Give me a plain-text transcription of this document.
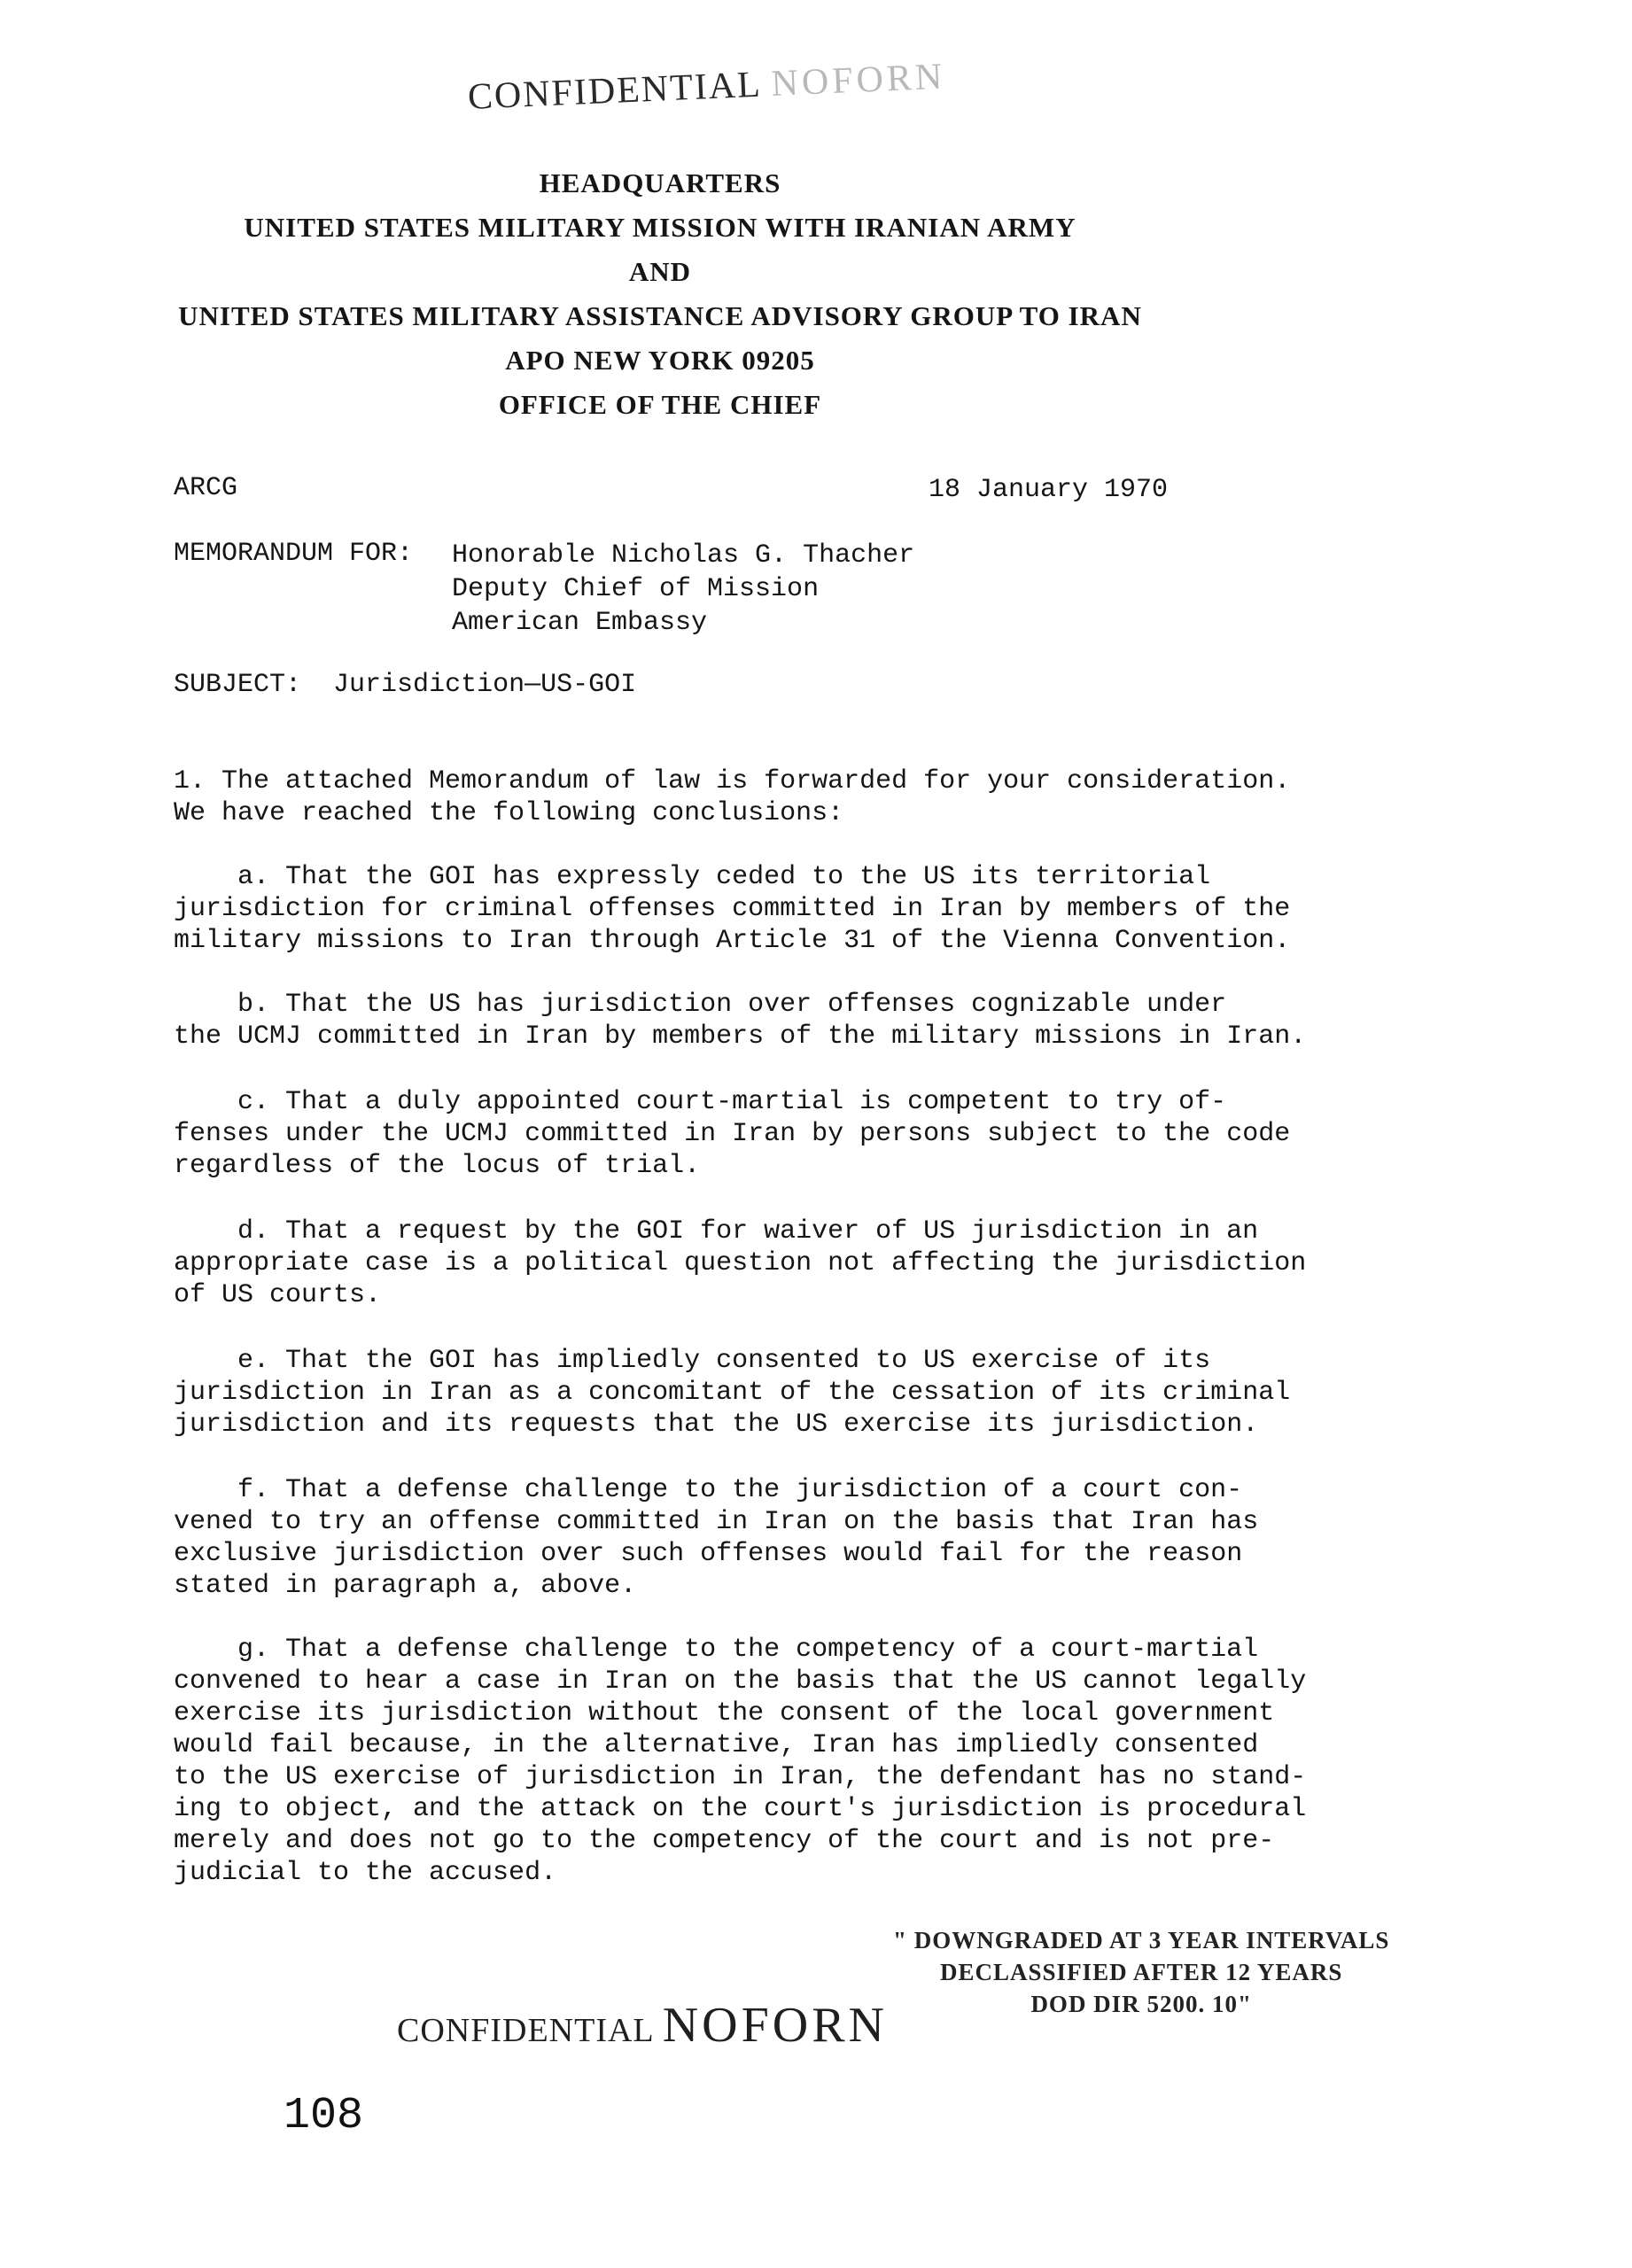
CONFIDENTIAL NOFORN
HEADQUARTERS
UNITED STATES MILITARY MISSION WITH IRANIAN ARMY
AND
UNITED STATES MILITARY ASSISTANCE ADVISORY GROUP TO IRAN
APO NEW YORK 09205
OFFICE OF THE CHIEF
ARCG	18 January 1970
MEMORANDUM FOR: Honorable Nicholas G. Thacher
Deputy Chief of Mission
American Embassy
SUBJECT: Jurisdiction—US-GOI
1. The attached Memorandum of law is forwarded for your consideration.
We have reached the following conclusions:
a. That the GOI has expressly ceded to the US its territorial
jurisdiction for criminal offenses committed in Iran by members of the
military missions to Iran through Article 31 of the Vienna Convention.
b. That the US has jurisdiction over offenses cognizable under
the UCMJ committed in Iran by members of the military missions in Iran.
c. That a duly appointed court-martial is competent to try of-
fenses under the UCMJ committed in Iran by persons subject to the code
regardless of the locus of trial.
d. That a request by the GOI for waiver of US jurisdiction in an
appropriate case is a political question not affecting the jurisdiction
of US courts.
e. That the GOI has impliedly consented to US exercise of its
jurisdiction in Iran as a concomitant of the cessation of its criminal
jurisdiction and its requests that the US exercise its jurisdiction.
f. That a defense challenge to the jurisdiction of a court con-
vened to try an offense committed in Iran on the basis that Iran has
exclusive jurisdiction over such offenses would fail for the reason
stated in paragraph a, above.
g. That a defense challenge to the competency of a court-martial
convened to hear a case in Iran on the basis that the US cannot legally
exercise its jurisdiction without the consent of the local government
would fail because, in the alternative, Iran has impliedly consented
to the US exercise of jurisdiction in Iran, the defendant has no stand-
ing to object, and the attack on the court's jurisdiction is procedural
merely and does not go to the competency of the court and is not pre-
judicial to the accused.
" DOWNGRADED AT 3 YEAR INTERVALS
DECLASSIFIED AFTER 12 YEARS
DOD DIR 5200. 10"
CONFIDENTIAL NOFORN
108
